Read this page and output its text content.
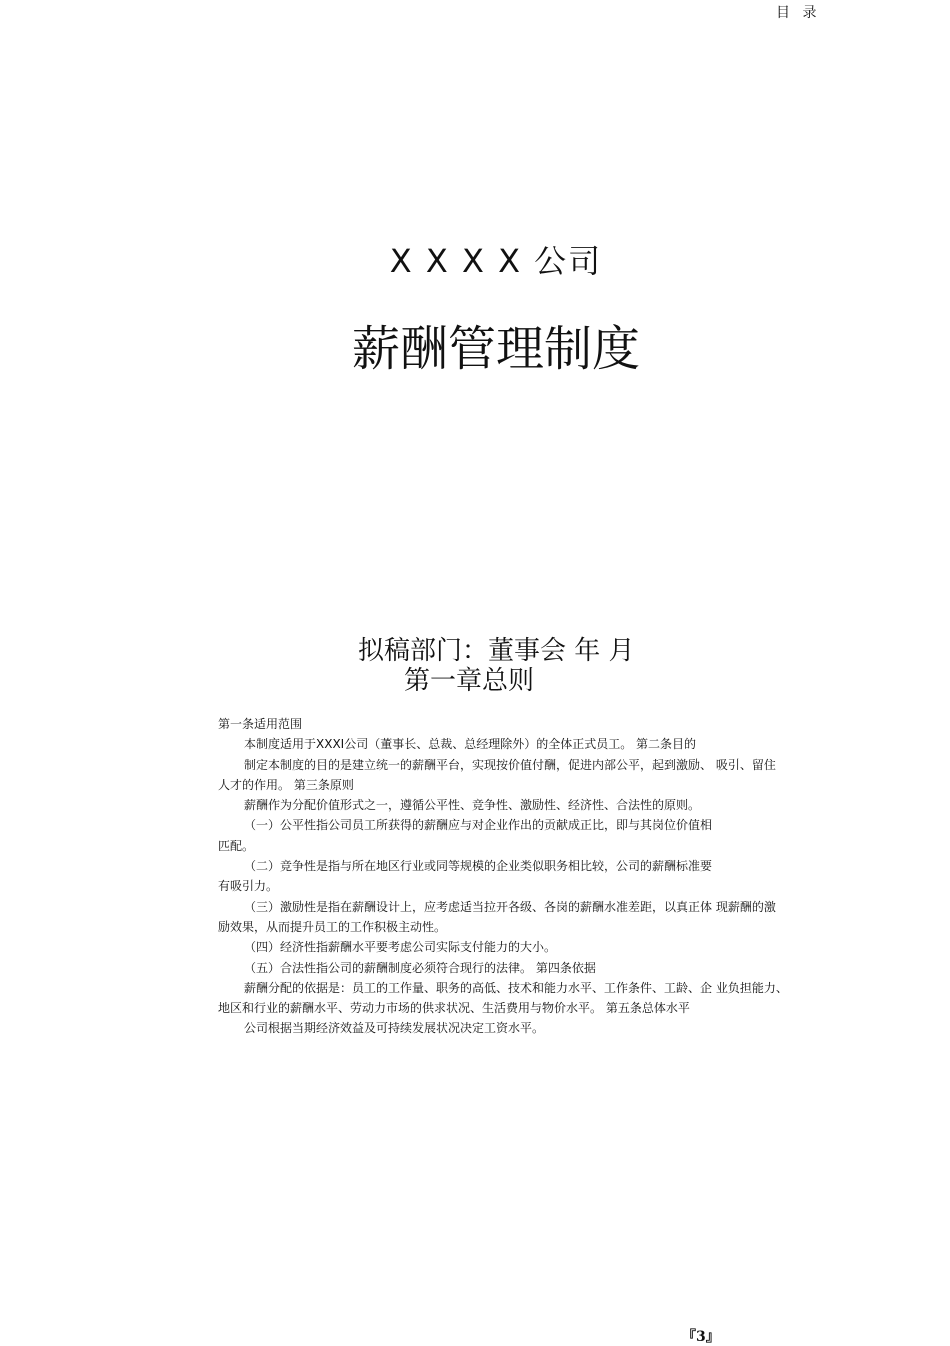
目 录
X X X X 公司
薪酬管理制度
拟稿部门：董事会 年 月
第一章总则
第一条适用范围
本制度适用于XXXI公司（董事长、总裁、总经理除外）的全体正式员工。 第二条目的
制定本制度的目的是建立统一的薪酬平台，实现按价值付酬，促进内部公平，起到激励、 吸引、留住
人才的作用。 第三条原则
薪酬作为分配价值形式之一，遵循公平性、竞争性、激励性、经济性、合法性的原则。
（一）公平性指公司员工所获得的薪酬应与对企业作出的贡献成正比，即与其岗位价值相
匹配。
（二）竞争性是指与所在地区行业或同等规模的企业类似职务相比较，公司的薪酬标准要
有吸引力。
（三）激励性是指在薪酬设计上，应考虑适当拉开各级、各岗的薪酬水准差距，以真正体 现薪酬的激
励效果，从而提升员工的工作积极主动性。
（四）经济性指薪酬水平要考虑公司实际支付能力的大小。
（五）合法性指公司的薪酬制度必须符合现行的法律。 第四条依据
薪酬分配的依据是：员工的工作量、职务的高低、技术和能力水平、工作条件、工龄、企 业负担能力、
地区和行业的薪酬水平、劳动力市场的供求状况、生活费用与物价水平。 第五条总体水平
公司根据当期经济效益及可持续发展状况决定工资水平。
『3』
